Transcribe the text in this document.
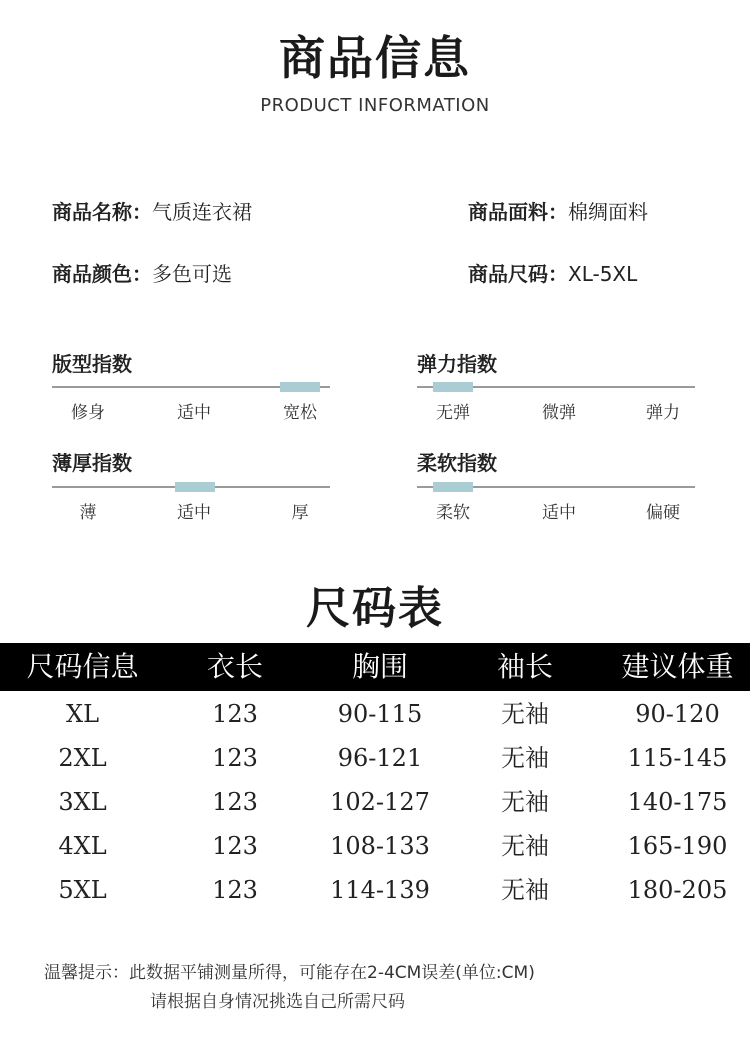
商品信息
PRODUCT INFORMATION
商品名称：气质连衣裙	商品面料：棉绸面料
商品颜色：多色可选	商品尺码：XL-5XL
版型指数
修身	适中	宽松
弹力指数
无弹	微弹	弹力
薄厚指数
薄	适中	厚
柔软指数
柔软	适中	偏硬
尺码表
尺码信息	衣长	胸围	袖长	建议体重
XL	123	90-115	无袖	90-120
2XL	123	96-121	无袖	115-145
3XL	123	102-127	无袖	140-175
4XL	123	108-133	无袖	165-190
5XL	123	114-139	无袖	180-205
温馨提示：此数据平铺测量所得，可能存在2-4CM误差(单位:CM)
请根据自身情况挑选自己所需尺码
